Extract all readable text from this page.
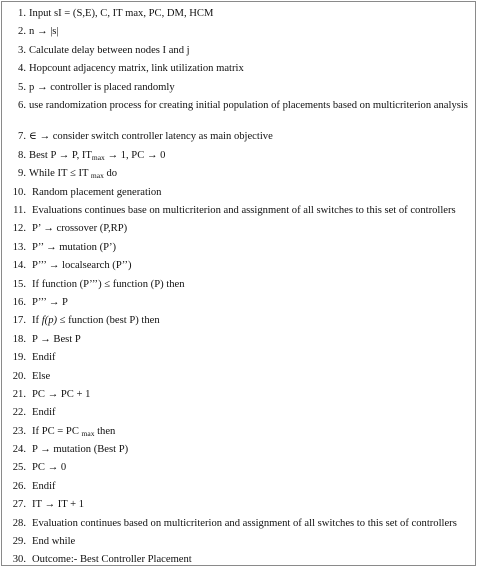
1. Input sI = (S,E), C, IT max, PC, DM, HCM
2. n → |s|
3. Calculate delay between nodes I and j
4. Hopcount adjacency matrix, link utilization matrix
5. p → controller is placed randomly
6. use randomization process for creating initial population of placements based on multicriterion analysis
7. ∈ → consider switch controller latency as main objective
8. Best P → P, $IT_{max} \to 1$, PC → 0
9. While IT ≤ IT $_{max}$ do
10. Random placement generation
11. Evaluations continues base on multicriterion and assignment of all switches to this set of controllers
12. P’ → crossover (P,RP)
13. P’’ → mutation (P’)
14. P’’’ → localsearch (P’’)
15. If function (P’’’) ≤ function (P) then
16. P’’’ → P
17. If f(p) ≤ function (best P) then
18. P → Best P
19. Endif
20. Else
21. PC → PC + 1
22. Endif
23. If PC = PC $_{max}$ then
24. P → mutation (Best P)
25. PC → 0
26. Endif
27. IT → IT + 1
28. Evaluation continues based on multicriterion and assignment of all switches to this set of controllers
29. End while
30. Outcome:- Best Controller Placement
